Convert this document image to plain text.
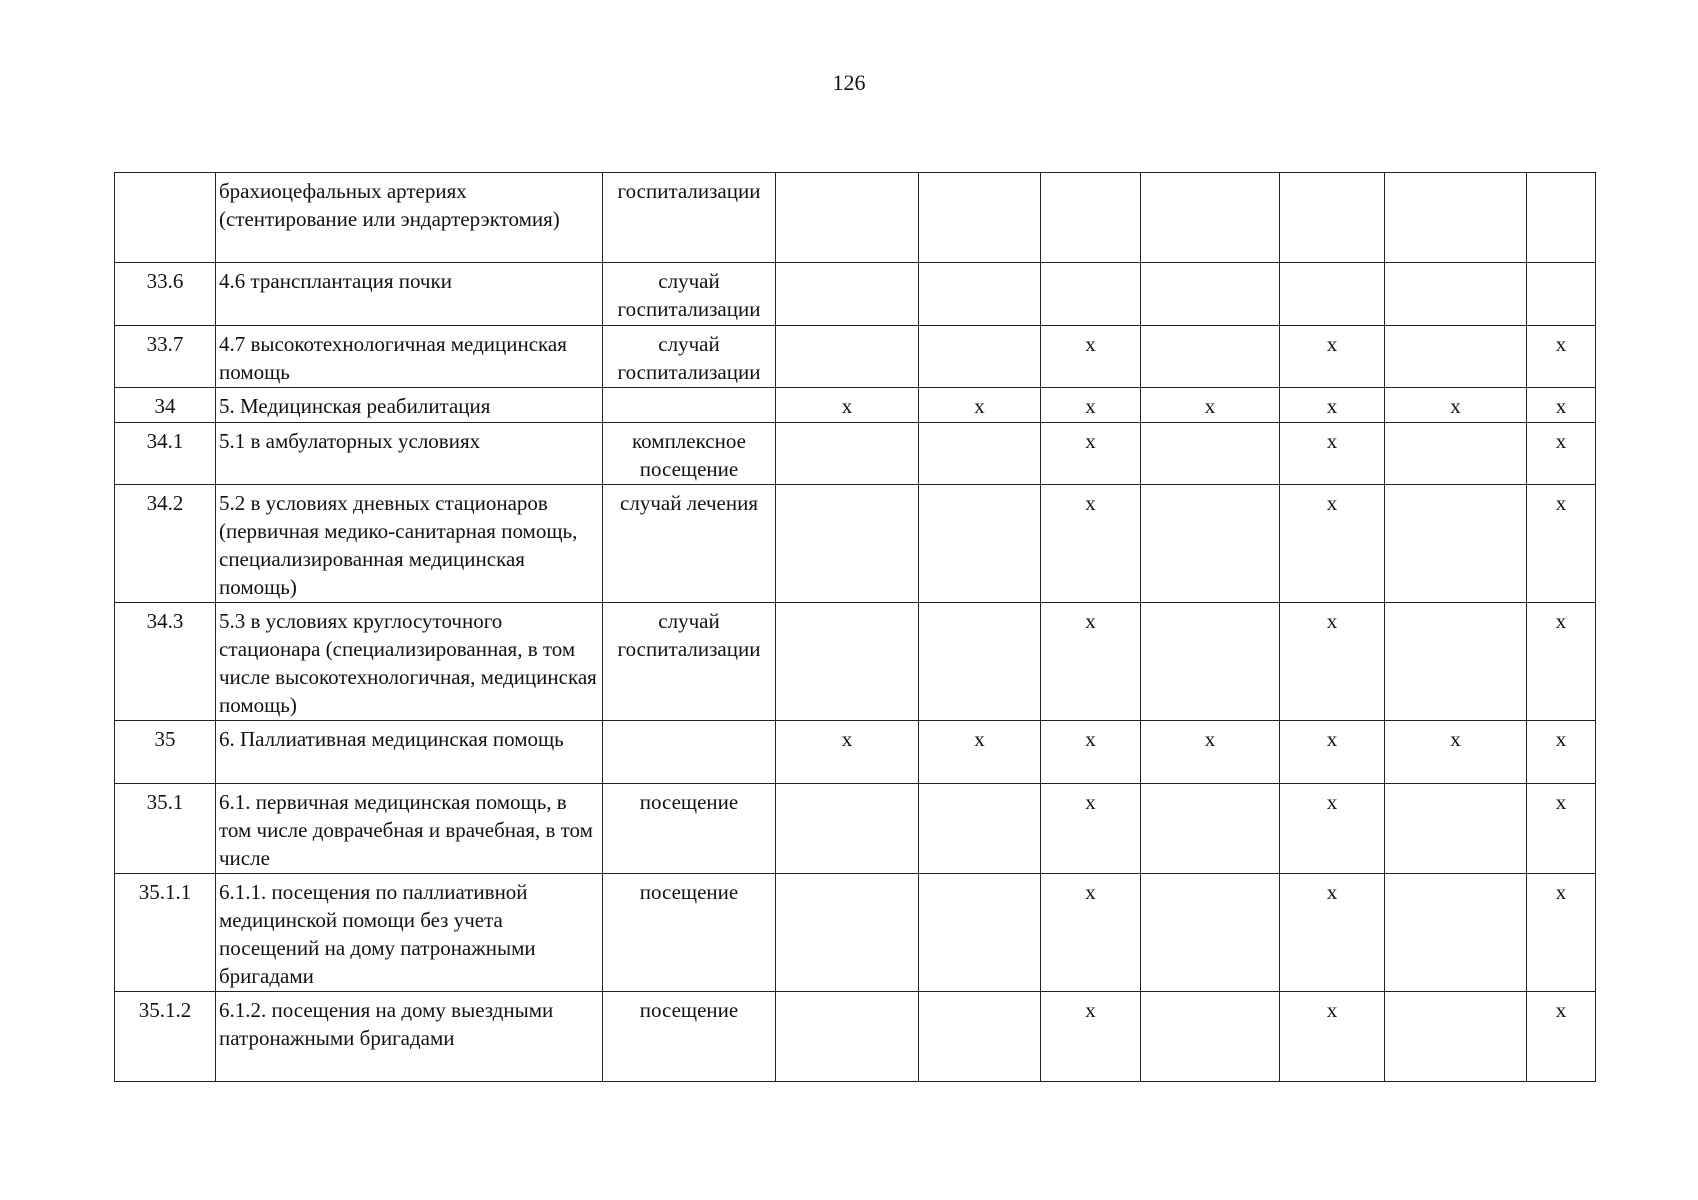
126
	брахиоцефальных артериях (стентирование или эндартерэктомия)	госпитализации							
33.6	4.6 трансплантация почки	случай госпитализации							
33.7	4.7 высокотехнологичная медицинская помощь	случай госпитализации			х		х		х
34	5. Медицинская реабилитация		х	х	х	х	х	х	х
34.1	5.1 в амбулаторных условиях	комплексное посещение			х		х		х
34.2	5.2 в условиях дневных стационаров (первичная медико-санитарная помощь, специализированная медицинская помощь)	случай лечения			х		х		х
34.3	5.3 в условиях круглосуточного стационара (специализированная, в том числе высокотехнологичная, медицинская помощь)	случай госпитализации			х		х		х
35	6. Паллиативная медицинская помощь		х	х	х	х	х	х	х
35.1	6.1. первичная медицинская помощь, в том числе доврачебная и врачебная, в том числе	посещение			х		х		х
35.1.1	6.1.1. посещения по паллиативной медицинской помощи без учета посещений на дому патронажными бригадами	посещение			х		х		х
35.1.2	6.1.2. посещения на дому выездными патронажными бригадами	посещение			х		х		х
